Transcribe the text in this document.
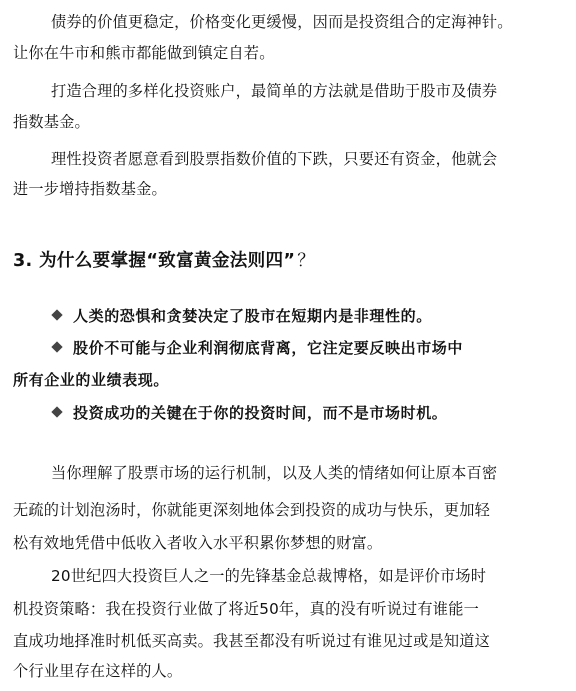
债券的价值更稳定，价格变化更缓慢，因而是投资组合的定海神针。
让你在牛市和熊市都能做到镇定自若。
打造合理的多样化投资账户，最简单的方法就是借助于股市及债券
指数基金。
理性投资者愿意看到股票指数价值的下跌，只要还有资金，他就会
进一步增持指数基金。
3. 为什么要掌握“致富黄金法则四” ？
人类的恐惧和贪婪决定了股市在短期内是非理性的。
股价不可能与企业利润彻底背离，它注定要反映出市场中
所有企业的业绩表现。
投资成功的关键在于你的投资时间，而不是市场时机。
当你理解了股票市场的运行机制，以及人类的情绪如何让原本百密
无疏的计划泡汤时，你就能更深刻地体会到投资的成功与快乐，更加轻
松有效地凭借中低收入者收入水平积累你梦想的财富。
20世纪四大投资巨人之一的先锋基金总裁博格，如是评价市场时
机投资策略：我在投资行业做了将近50年，真的没有听说过有谁能一
直成功地择准时机低买高卖。我甚至都没有听说过有谁见过或是知道这
个行业里存在这样的人。
